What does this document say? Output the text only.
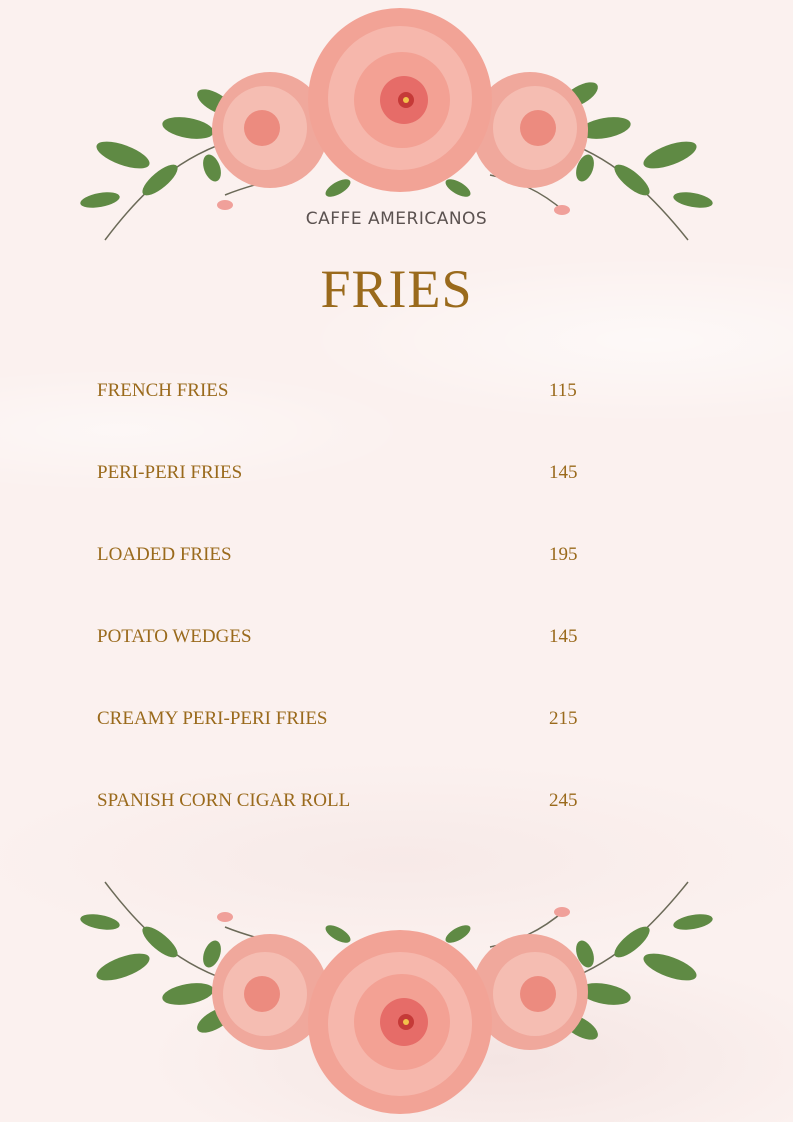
CAFFE AMERICANOS
FRIES
FRENCH FRIES	115
PERI-PERI FRIES	145
LOADED FRIES	195
POTATO WEDGES	145
CREAMY PERI-PERI FRIES	215
SPANISH CORN CIGAR ROLL	245
